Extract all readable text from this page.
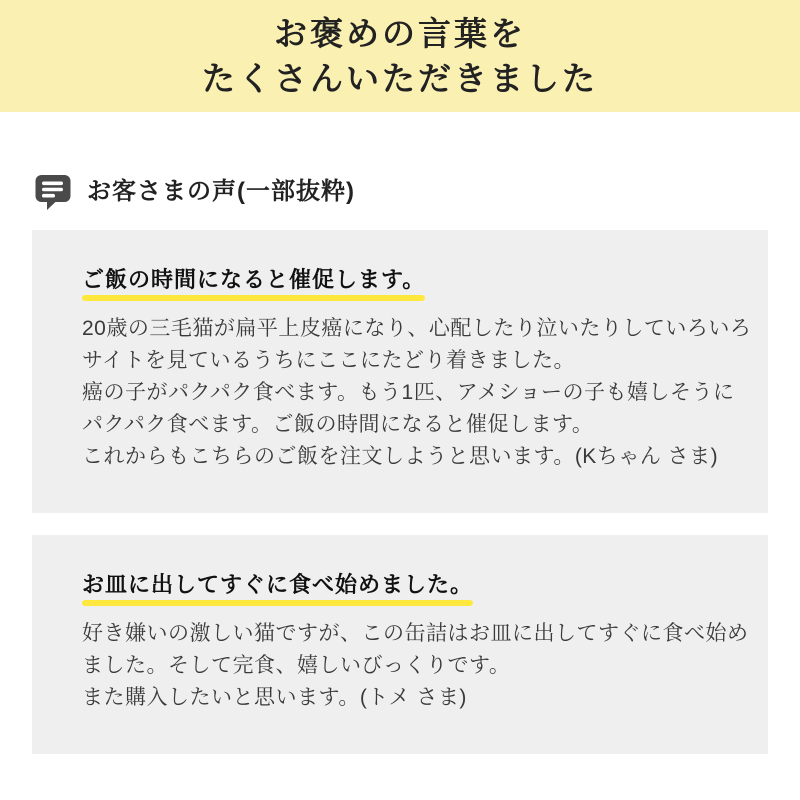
お褒めの言葉を
たくさんいただきました
お客さまの声(一部抜粋)
ご飯の時間になると催促します。
20歳の三毛猫が扁平上皮癌になり、心配したり泣いたりしていろいろ
サイトを見ているうちにここにたどり着きました。
癌の子がパクパク食べます。もう1匹、アメショーの子も嬉しそうに
パクパク食べます。ご飯の時間になると催促します。
これからもこちらのご飯を注文しようと思います。(Kちゃん さま)
お皿に出してすぐに食べ始めました。
好き嫌いの激しい猫ですが、この缶詰はお皿に出してすぐに食べ始め
ました。そして完食、嬉しいびっくりです。
また購入したいと思います。(トメ さま)
